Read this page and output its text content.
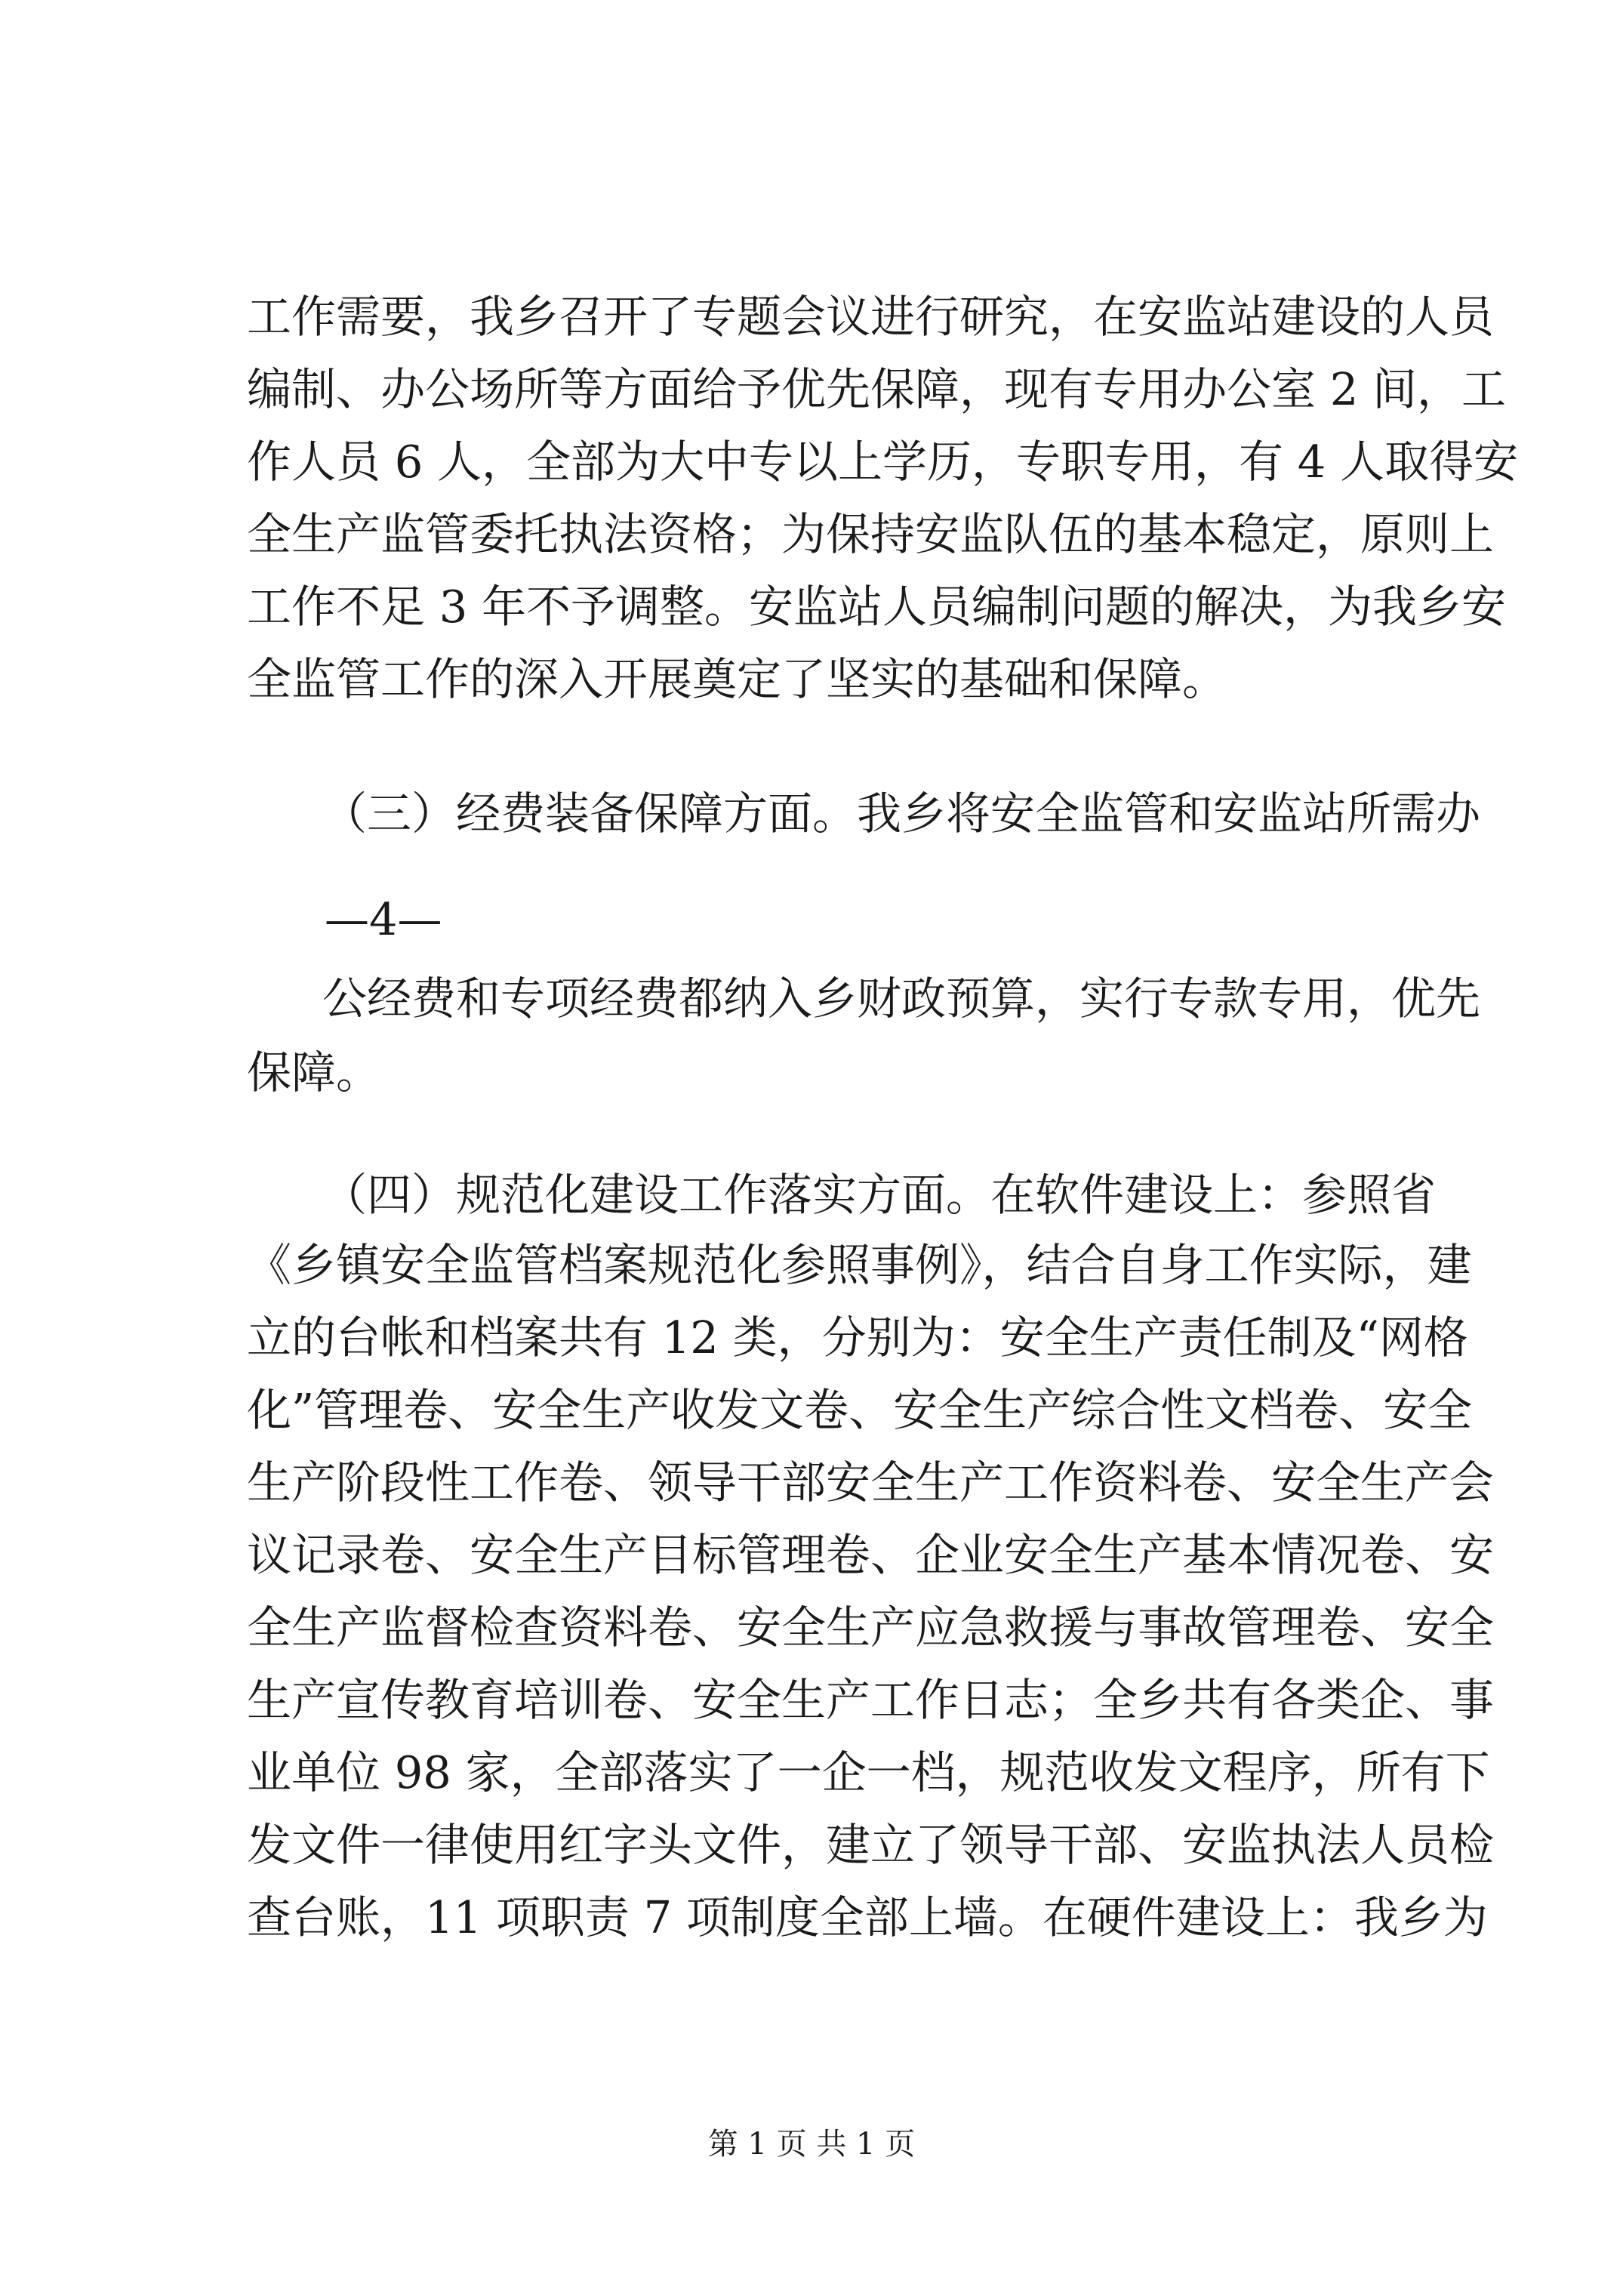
工作需要，我乡召开了专题会议进行研究，在安监站建设的人员
编制、办公场所等方面给予优先保障，现有专用办公室 2 间，工
作人员 6 人，全部为大中专以上学历，专职专用，有 4 人取得安
全生产监管委托执法资格；为保持安监队伍的基本稳定，原则上
工作不足 3 年不予调整。安监站人员编制问题的解决，为我乡安
全监管工作的深入开展奠定了坚实的基础和保障。
（三）经费装备保障方面。我乡将安全监管和安监站所需办
—4—
公经费和专项经费都纳入乡财政预算，实行专款专用，优先
保障。
（四）规范化建设工作落实方面。在软件建设上：参照省
《乡镇安全监管档案规范化参照事例》，结合自身工作实际，建
立的台帐和档案共有 12 类，分别为：安全生产责任制及“网格
化”管理卷、安全生产收发文卷、安全生产综合性文档卷、安全
生产阶段性工作卷、领导干部安全生产工作资料卷、安全生产会
议记录卷、安全生产目标管理卷、企业安全生产基本情况卷、安
全生产监督检查资料卷、安全生产应急救援与事故管理卷、安全
生产宣传教育培训卷、安全生产工作日志；全乡共有各类企、事
业单位 98 家，全部落实了一企一档，规范收发文程序，所有下
发文件一律使用红字头文件，建立了领导干部、安监执法人员检
查台账，11 项职责 7 项制度全部上墙。在硬件建设上：我乡为
第 1 页 共 1 页
